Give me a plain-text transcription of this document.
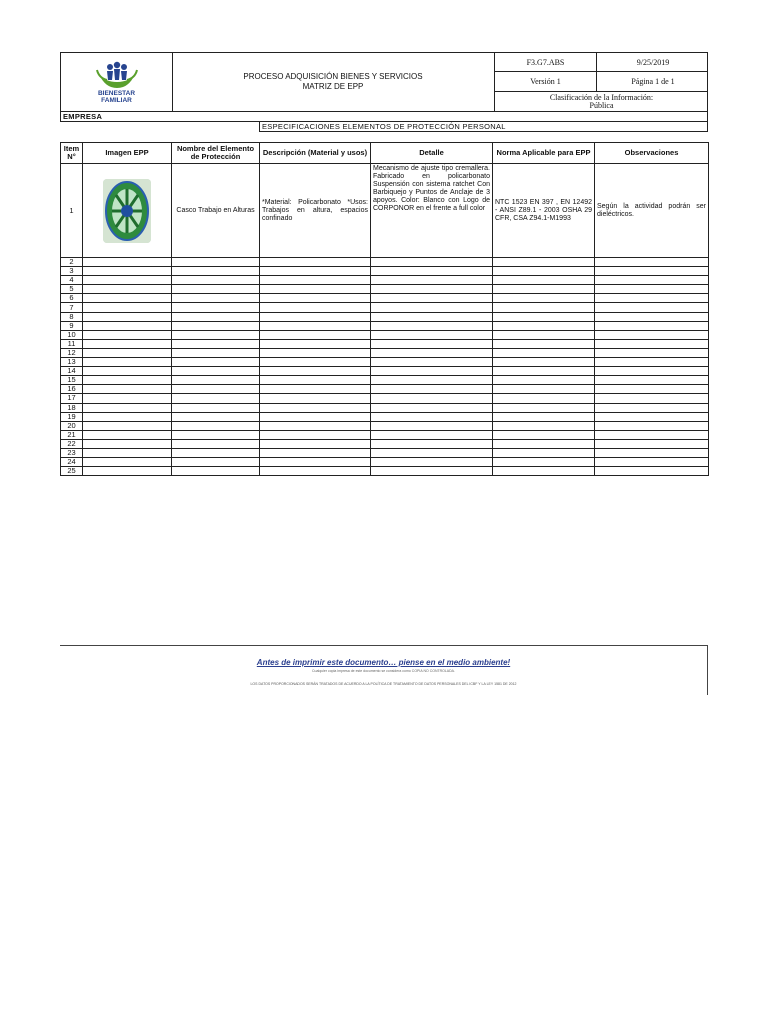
BIENESTAR
FAMILIAR
PROCESO ADQUISICIÓN BIENES Y SERVICIOS
MATRIZ DE EPP
F3.G7.ABS	9/25/2019
Versión 1	Página 1 de 1
Clasificación de la Información:
Pública
EMPRESA
ESPECIFICACIONES ELEMENTOS DE PROTECCIÓN PERSONAL
Item N°	Imagen EPP	Nombre del Elemento de Protección	Descripción (Material y usos)	Detalle	Norma Aplicable para EPP	Observaciones
1		Casco Trabajo en Alturas	*Material: Policarbonato *Usos: Trabajos en altura, espacios confinado	Mecanismo de ajuste tipo cremallera. Fabricado en policarbonato Suspensión con sistema ratchet Con Barbiquejo y Puntos de Anclaje de 3 apoyos. Color: Blanco con Logo de CORPONOR en el frente a full color	NTC 1523 EN 397 , EN 12492 - ANSI Z89.1 - 2003 OSHA 29 CFR, CSA Z94.1-M1993	Según la actividad podrán ser dieléctricos.
2						
3						
4						
5						
6						
7						
8						
9						
10						
11						
12						
13						
14						
15						
16						
17						
18						
19						
20						
21						
22						
23						
24						
25						
Antes de imprimir este documento… piense en el medio ambiente!
Cualquier copia impresa de este documento se considera como COPIA NO CONTROLADA.
LOS DATOS PROPORCIONADOS SERÁN TRATADOS DE ACUERDO A LA POLÍTICA DE TRATAMIENTO DE DATOS PERSONALES DEL ICBF Y LA LEY 1581 DE 2012
